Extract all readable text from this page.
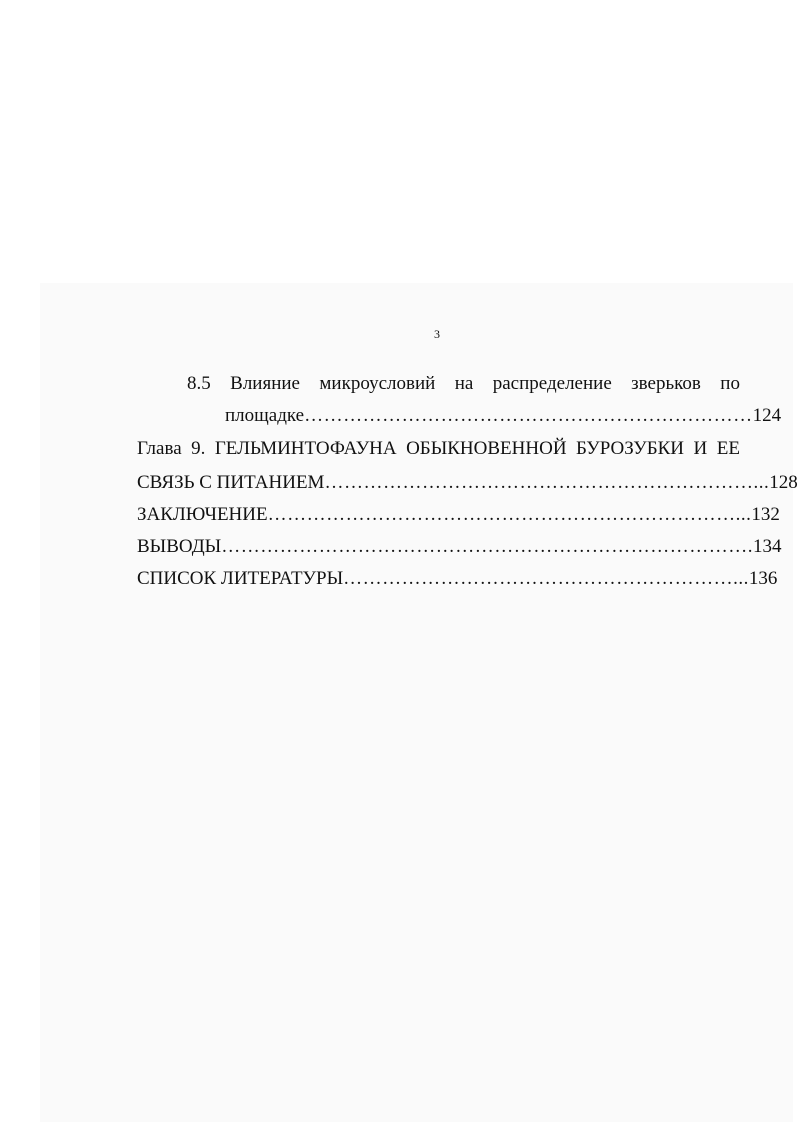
3
8.5 Влияние микроусловий на распределение зверьков по
площадке …………………………………………………………… 124
Глава 9. ГЕЛЬМИНТОФАУНА ОБЫКНОВЕННОЙ БУРОЗУБКИ И ЕЕ
СВЯЗЬ С ПИТАНИЕМ …………………………………………………………... 128
ЗАКЛЮЧЕНИЕ ………………………………………………………………... 132
ВЫВОДЫ ………………………………………………………………………. 134
СПИСОК ЛИТЕРАТУРЫ ……………………………………………………... 136
